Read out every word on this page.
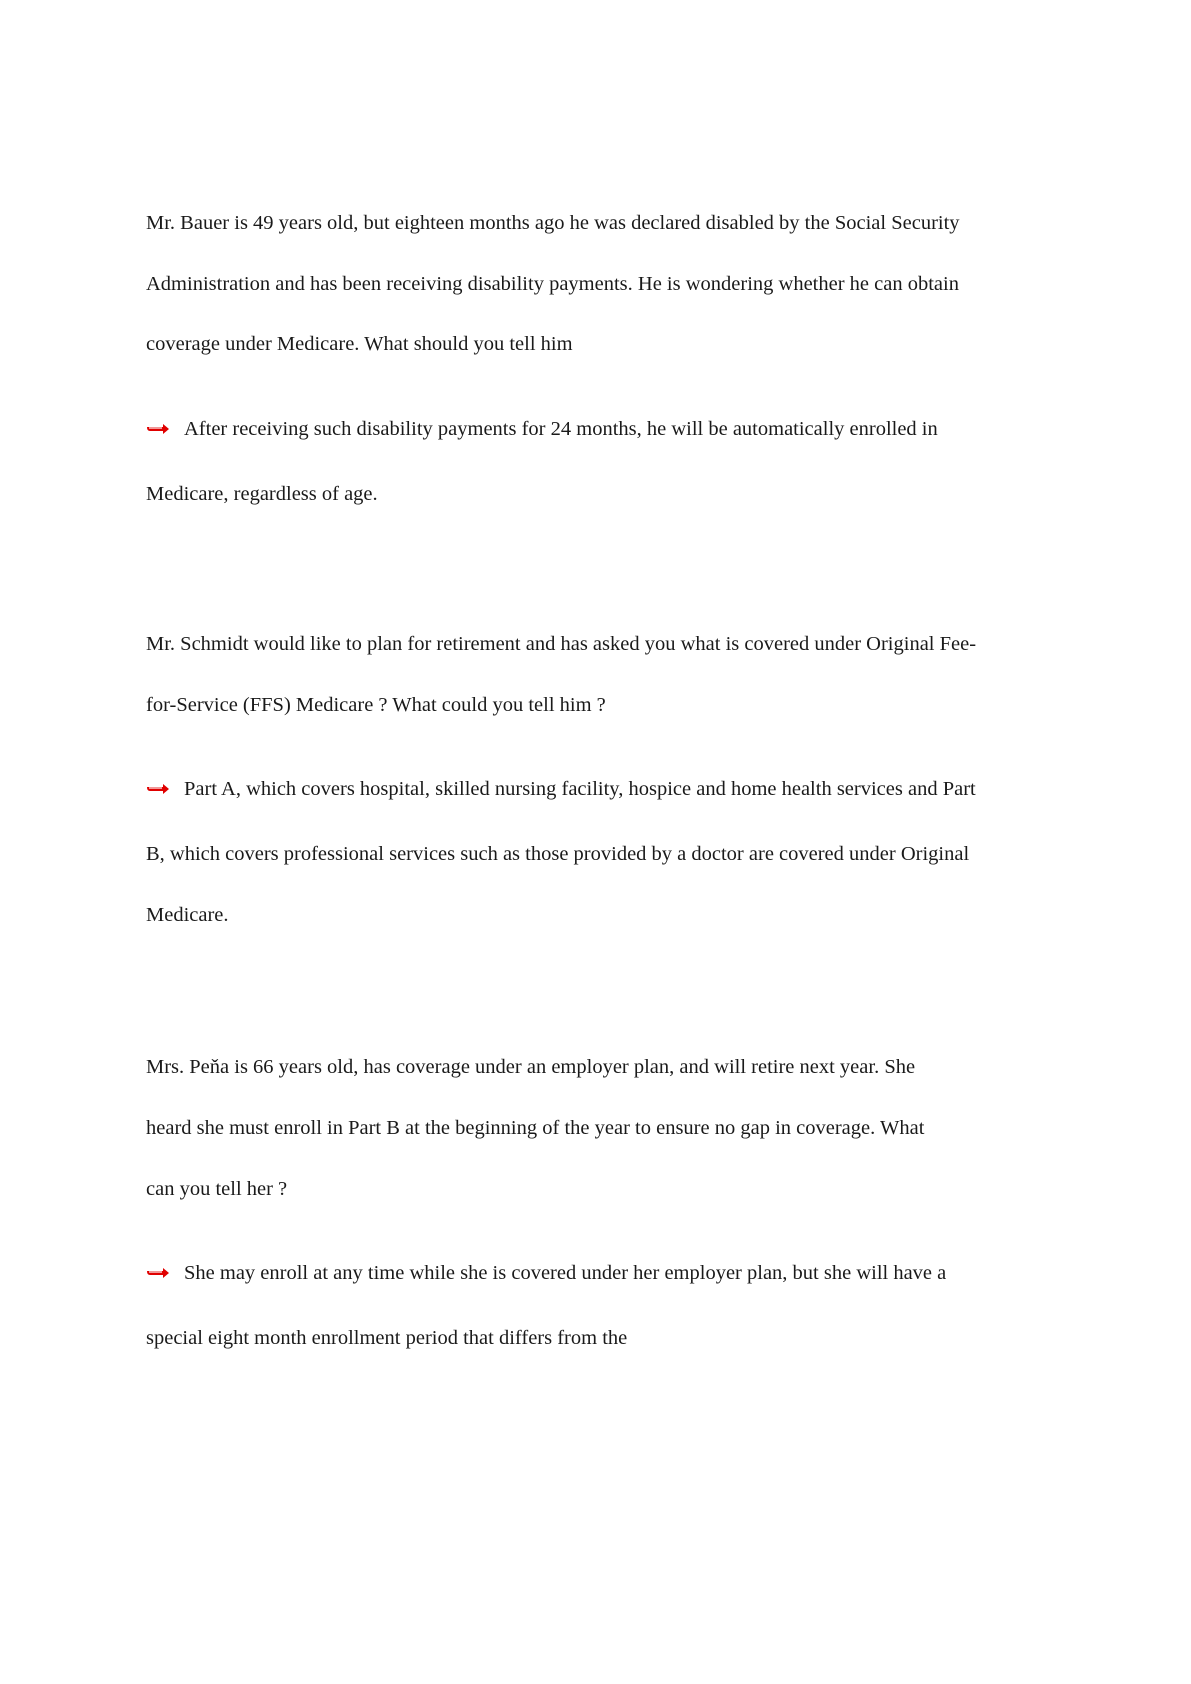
Mr. Bauer is 49 years old, but eighteen months ago he was declared disabled by the Social Security
Administration and has been receiving disability payments. He is wondering whether he can obtain
coverage under Medicare. What should you tell him
After receiving such disability payments for 24 months, he will be automatically enrolled in
Medicare, regardless of age.
Mr. Schmidt would like to plan for retirement and has asked you what is covered under Original Fee-
for-Service (FFS) Medicare ? What could you tell him ?
Part A, which covers hospital, skilled nursing facility, hospice and home health services and Part
B, which covers professional services such as those provided by a doctor are covered under Original
Medicare.
Mrs. Peňa is 66 years old, has coverage under an employer plan, and will retire next year. She
heard she must enroll in Part B at the beginning of the year to ensure no gap in coverage. What
can you tell her ?
She may enroll at any time while she is covered under her employer plan, but she will have a
special eight month enrollment period that differs from the
